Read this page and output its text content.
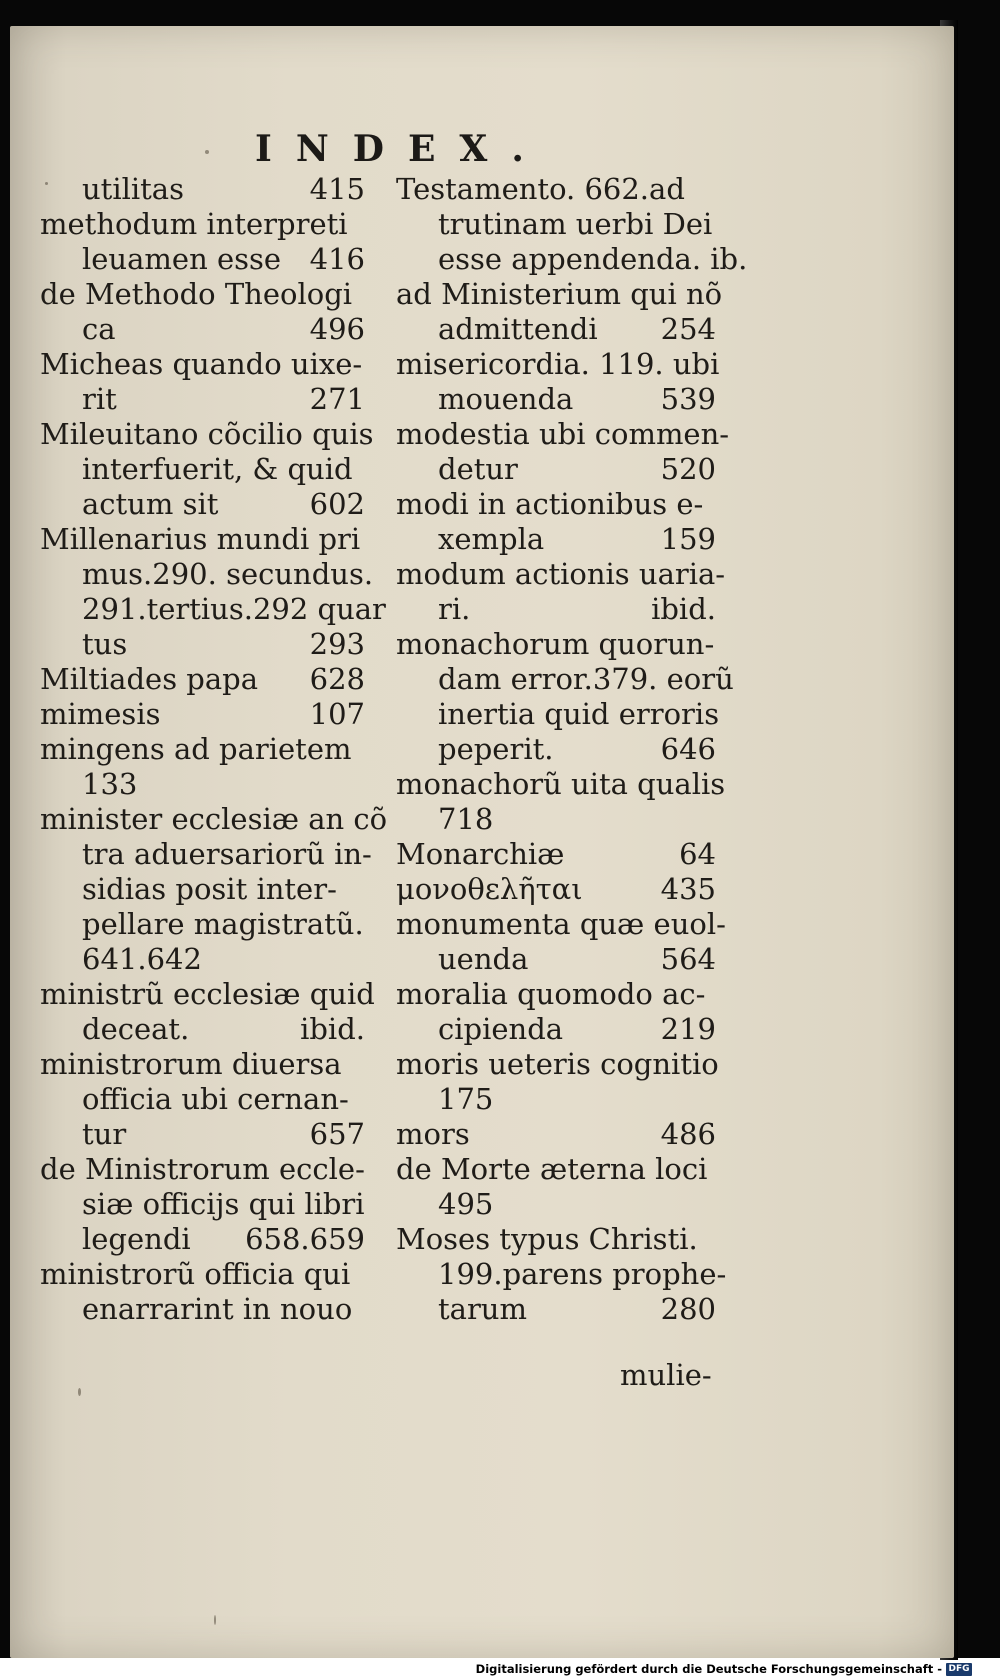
INDEX.
utilitas	415
methodum interpreti
leuamen esse 416
de Methodo Theologi
ca	496
Micheas quando uixe-
rit	271
Mileuitano cõcilio quis
interfuerit, & quid
actum sit	602
Millenarius mundi pri
mus.290. secundus.
291.tertius.292 quar
tus	293
Miltiades papa 628
mimesis	107
mingens ad parietem
133
minister ecclesiæ an cõ
tra aduersariorũ in-
sidias posit inter-
pellare magistratũ.
641.642
ministrũ ecclesiæ quid
deceat.	ibid.
ministrorum diuersa
officia ubi cernan-
tur	657
de Ministrorum eccle-
siæ officijs qui libri
legendi 658.659
ministrorũ officia qui
enarrarint in nouo
Testamento. 662.ad
trutinam uerbi Dei
esse appendenda. ib.
ad Ministerium qui nõ
admittendi 254
misericordia. 119. ubi
mouenda	539
modestia ubi commen-
detur	520
modi in actionibus e-
xempla	159
modum actionis uaria-
ri.	ibid.
monachorum quorun-
dam error.379. eorũ
inertia quid erroris
peperit.	646
monachorũ uita qualis
718
Monarchiæ	64
μονοθελῆται	435
monumenta quæ euol-
uenda	564
moralia quomodo ac-
cipienda	219
moris ueteris cognitio
175
mors	486
de Morte æterna loci
495
Moses typus Christi.
199.parens prophe-
tarum	280
mulie-
Digitalisierung gefördert durch die Deutsche Forschungsgemeinschaft - DFG
